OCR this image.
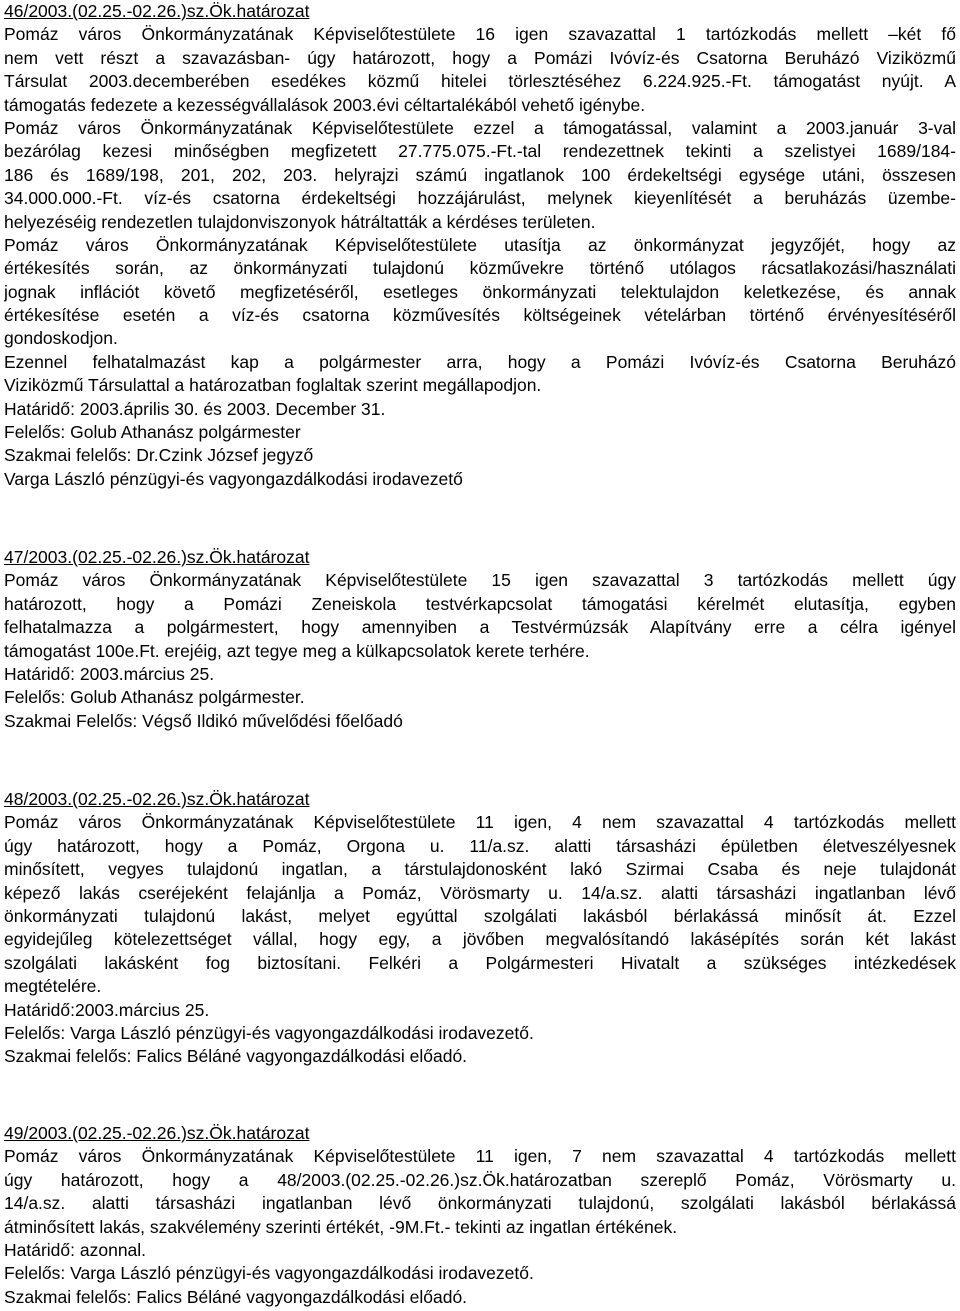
46/2003.(02.25.-02.26.)sz.Ök.határozat
Pomáz város Önkormányzatának Képviselőtestülete 16 igen szavazattal 1 tartózkodás mellett –két fő
nem vett részt a szavazásban- úgy határozott, hogy a Pomázi Ivóvíz-és Csatorna Beruházó Viziközmű
Társulat 2003.decemberében esedékes közmű hitelei törlesztéséhez 6.224.925.-Ft. támogatást nyújt. A
támogatás fedezete a kezességvállalások 2003.évi céltartalékából vehető igénybe.
Pomáz város Önkormányzatának Képviselőtestülete ezzel a támogatással, valamint a 2003.január 3-val
bezárólag kezesi minőségben megfizetett 27.775.075.-Ft.-tal rendezettnek tekinti a szelistyei 1689/184-
186 és 1689/198, 201, 202, 203. helyrajzi számú ingatlanok 100 érdekeltségi egysége utáni, összesen
34.000.000.-Ft. víz-és csatorna érdekeltségi hozzájárulást, melynek kieyenlítését a beruházás üzembe-
helyezéséig rendezetlen tulajdonviszonyok hátráltatták a kérdéses területen.
Pomáz város Önkormányzatának Képviselőtestülete utasítja az önkormányzat jegyzőjét, hogy az
értékesítés során, az önkormányzati tulajdonú közművekre történő utólagos rácsatlakozási/használati
jognak inflációt követő megfizetéséről, esetleges önkormányzati telektulajdon keletkezése, és annak
értékesítése esetén a víz-és csatorna közművesítés költségeinek vételárban történő érvényesítéséről
gondoskodjon.
Ezennel felhatalmazást kap a polgármester arra, hogy a Pomázi Ivóvíz-és Csatorna Beruházó
Viziközmű Társulattal a határozatban foglaltak szerint megállapodjon.
Határidő: 2003.április 30. és 2003. December 31.
Felelős: Golub Athanász polgármester
Szakmai felelős: Dr.Czink József jegyző
Varga László pénzügyi-és vagyongazdálkodási irodavezető
47/2003.(02.25.-02.26.)sz.Ök.határozat
Pomáz város Önkormányzatának Képviselőtestülete 15 igen szavazattal 3 tartózkodás mellett úgy
határozott, hogy a Pomázi Zeneiskola testvérkapcsolat támogatási kérelmét elutasítja, egyben
felhatalmazza a polgármestert, hogy amennyiben a Testvérmúzsák Alapítvány erre a célra igényel
támogatást 100e.Ft. erejéig, azt tegye meg a külkapcsolatok kerete terhére.
Határidő: 2003.március 25.
Felelős: Golub Athanász polgármester.
Szakmai Felelős: Végső Ildikó művelődési főelőadó
48/2003.(02.25.-02.26.)sz.Ök.határozat
Pomáz város Önkormányzatának Képviselőtestülete 11 igen, 4 nem szavazattal 4 tartózkodás mellett
úgy határozott, hogy a Pomáz, Orgona u. 11/a.sz. alatti társasházi épületben életveszélyesnek
minősített, vegyes tulajdonú ingatlan, a társtulajdonosként lakó Szirmai Csaba és neje tulajdonát
képező lakás cseréjeként felajánlja a Pomáz, Vörösmarty u. 14/a.sz. alatti társasházi ingatlanban lévő
önkormányzati tulajdonú lakást, melyet egyúttal szolgálati lakásból bérlakássá minősít át. Ezzel
egyidejűleg kötelezettséget vállal, hogy egy, a jövőben megvalósítandó lakásépítés során két lakást
szolgálati lakásként fog biztosítani. Felkéri a Polgármesteri Hivatalt a szükséges intézkedések
megtételére.
Határidő:2003.március 25.
Felelős: Varga László pénzügyi-és vagyongazdálkodási irodavezető.
Szakmai felelős: Falics Béláné vagyongazdálkodási előadó.
49/2003.(02.25.-02.26.)sz.Ök.határozat
Pomáz város Önkormányzatának Képviselőtestülete 11 igen, 7 nem szavazattal 4 tartózkodás mellett
úgy határozott, hogy a 48/2003.(02.25.-02.26.)sz.Ök.határozatban szereplő Pomáz, Vörösmarty u.
14/a.sz. alatti társasházi ingatlanban lévő önkormányzati tulajdonú, szolgálati lakásból bérlakássá
átminősített lakás, szakvélemény szerinti értékét, -9M.Ft.- tekinti az ingatlan értékének.
Határidő: azonnal.
Felelős: Varga László pénzügyi-és vagyongazdálkodási irodavezető.
Szakmai felelős: Falics Béláné vagyongazdálkodási előadó.
